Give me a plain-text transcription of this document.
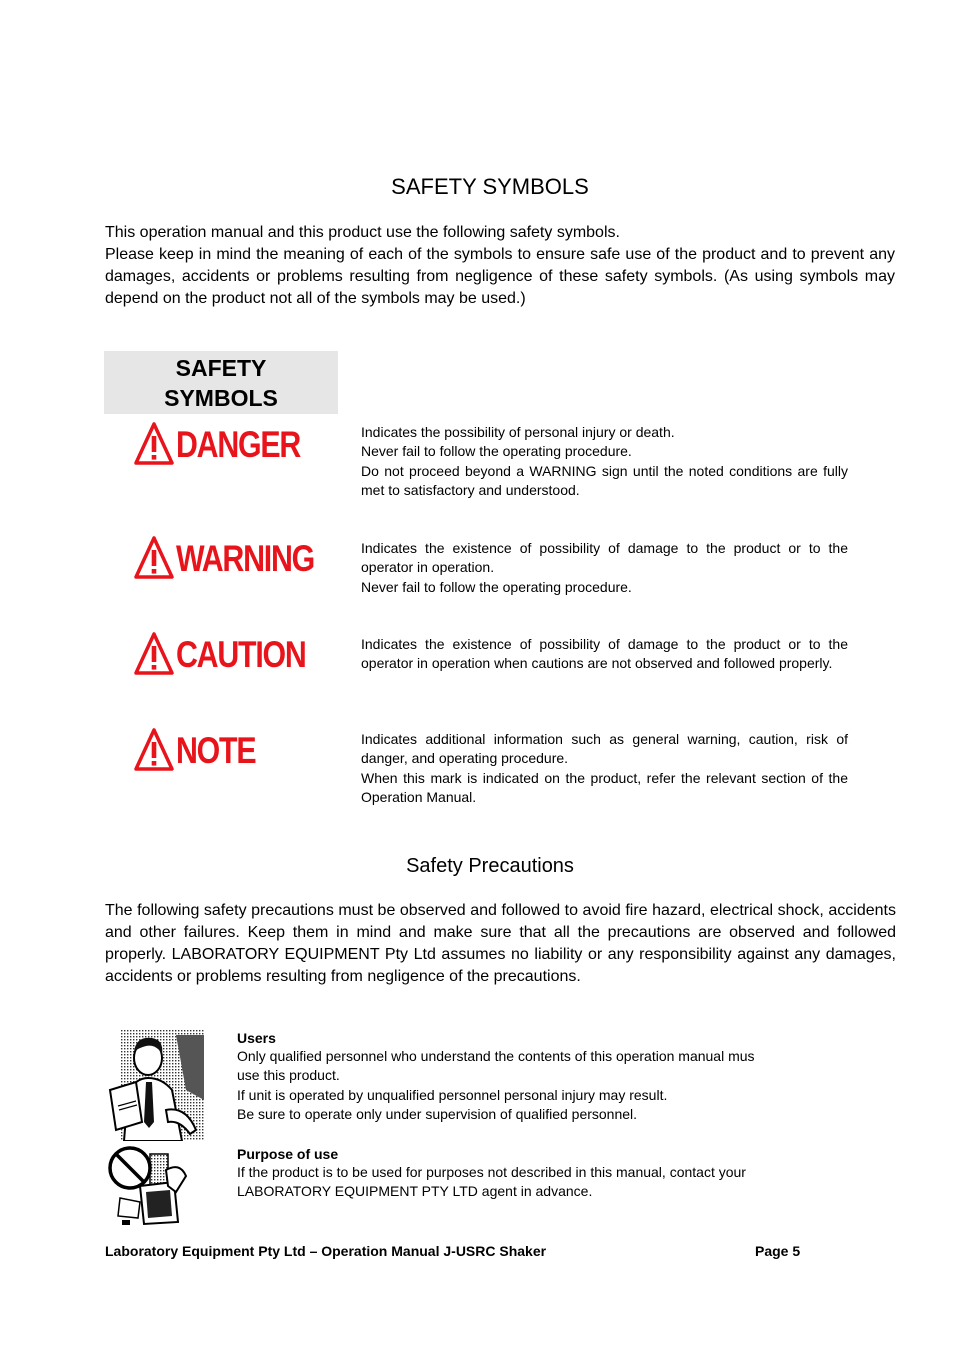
SAFETY SYMBOLS

This operation manual and this product use the following safety symbols.

Please keep in mind the meaning of each of the symbols to ensure safe use of the product and to prevent any damages, accidents or problems resulting from negligence of these safety symbols. (As using symbols may depend on the product not all of the symbols may be used.)

SAFETY
SYMBOLS
DANGER	Indicates the possibility of personal injury or death.
Never fail to follow the operating procedure.
Do not proceed beyond a WARNING sign until the noted conditions are fully met to satisfactory and understood.
WARNING	Indicates the existence of possibility of damage to the product or to the operator in operation.
Never fail to follow the operating procedure.
CAUTION	Indicates the existence of possibility of damage to the product or to the operator in operation when cautions are not observed and followed properly.
NOTE	Indicates additional information such as general warning, caution, risk of danger, and operating procedure.
When this mark is indicated on the product, refer the relevant section of the Operation Manual.
Safety Precautions
The following safety precautions must be observed and followed to avoid fire hazard, electrical shock, accidents and other failures. Keep them in mind and make sure that all the precautions are observed and followed properly. LABORATORY EQUIPMENT Pty Ltd assumes no liability or any responsibility against any damages, accidents or problems resulting from negligence of the precautions.
Users
Only qualified personnel who understand the contents of this operation manual mus
use this product.
If unit is operated by unqualified personnel personal injury may result.
Be sure to operate only under supervision of qualified personnel.
Purpose of use
If the product is to be used for purposes not described in this manual, contact your
LABORATORY EQUIPMENT PTY LTD agent in advance.
Laboratory Equipment Pty Ltd – Operation Manual J-USRC Shaker	Page 5
